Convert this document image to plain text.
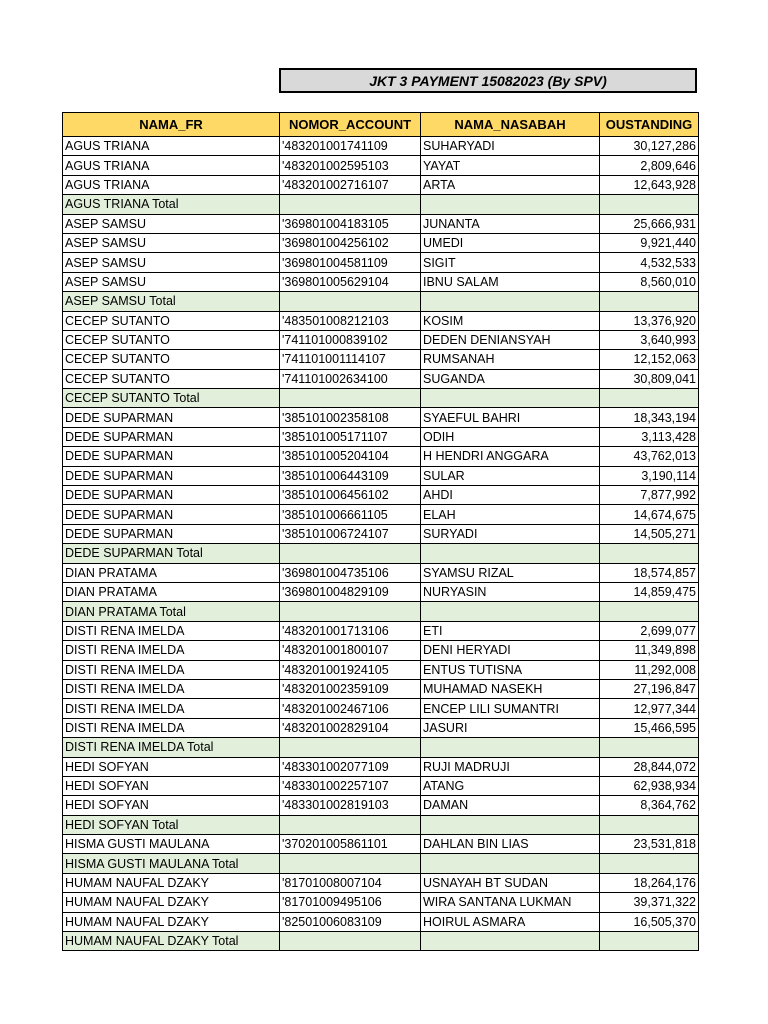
JKT 3 PAYMENT 15082023 (By SPV)
NAMA_FR	NOMOR_ACCOUNT	NAMA_NASABAH	OUSTANDING
AGUS TRIANA	'483201001741109	SUHARYADI	30,127,286
AGUS TRIANA	'483201002595103	YAYAT	2,809,646
AGUS TRIANA	'483201002716107	ARTA	12,643,928
AGUS TRIANA Total			
ASEP SAMSU	'369801004183105	JUNANTA	25,666,931
ASEP SAMSU	'369801004256102	UMEDI	9,921,440
ASEP SAMSU	'369801004581109	SIGIT	4,532,533
ASEP SAMSU	'369801005629104	IBNU SALAM	8,560,010
ASEP SAMSU Total			
CECEP SUTANTO	'483501008212103	KOSIM	13,376,920
CECEP SUTANTO	'741101000839102	DEDEN DENIANSYAH	3,640,993
CECEP SUTANTO	'741101001114107	RUMSANAH	12,152,063
CECEP SUTANTO	'741101002634100	SUGANDA	30,809,041
CECEP SUTANTO Total			
DEDE SUPARMAN	'385101002358108	SYAEFUL BAHRI	18,343,194
DEDE SUPARMAN	'385101005171107	ODIH	3,113,428
DEDE SUPARMAN	'385101005204104	H HENDRI ANGGARA	43,762,013
DEDE SUPARMAN	'385101006443109	SULAR	3,190,114
DEDE SUPARMAN	'385101006456102	AHDI	7,877,992
DEDE SUPARMAN	'385101006661105	ELAH	14,674,675
DEDE SUPARMAN	'385101006724107	SURYADI	14,505,271
DEDE SUPARMAN Total			
DIAN PRATAMA	'369801004735106	SYAMSU RIZAL	18,574,857
DIAN PRATAMA	'369801004829109	NURYASIN	14,859,475
DIAN PRATAMA Total			
DISTI RENA IMELDA	'483201001713106	ETI	2,699,077
DISTI RENA IMELDA	'483201001800107	DENI HERYADI	11,349,898
DISTI RENA IMELDA	'483201001924105	ENTUS TUTISNA	11,292,008
DISTI RENA IMELDA	'483201002359109	MUHAMAD NASEKH	27,196,847
DISTI RENA IMELDA	'483201002467106	ENCEP LILI SUMANTRI	12,977,344
DISTI RENA IMELDA	'483201002829104	JASURI	15,466,595
DISTI RENA IMELDA Total			
HEDI SOFYAN	'483301002077109	RUJI MADRUJI	28,844,072
HEDI SOFYAN	'483301002257107	ATANG	62,938,934
HEDI SOFYAN	'483301002819103	DAMAN	8,364,762
HEDI SOFYAN Total			
HISMA GUSTI MAULANA	'370201005861101	DAHLAN BIN LIAS	23,531,818
HISMA GUSTI MAULANA Total			
HUMAM NAUFAL DZAKY	'81701008007104	USNAYAH BT SUDAN	18,264,176
HUMAM NAUFAL DZAKY	'81701009495106	WIRA SANTANA LUKMAN	39,371,322
HUMAM NAUFAL DZAKY	'82501006083109	HOIRUL ASMARA	16,505,370
HUMAM NAUFAL DZAKY Total			
